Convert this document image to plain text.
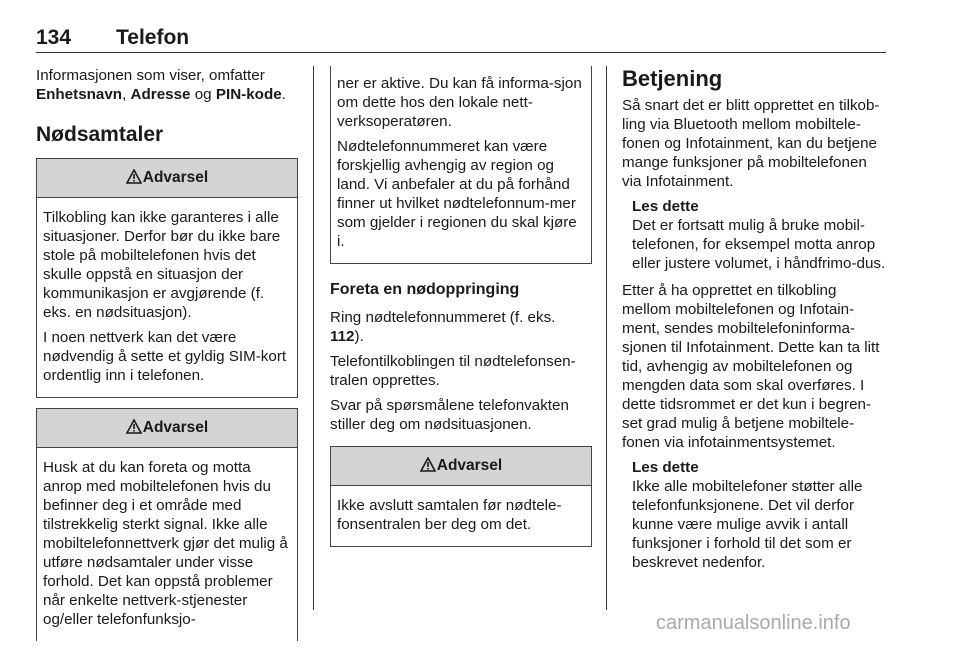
134 Telefon

Informasjonen som viser, omfatter
Enhetsnavn, Adresse og PIN-kode.

Nødsamtaler
Advarsel

Tilkobling kan ikke garanteres i alle situasjoner. Derfor bør du ikke bare stole på mobiltelefonen hvis det skulle oppstå en situasjon der kommunikasjon er avgjørende (f. eks. en nødsituasjon).

I noen nettverk kan det være nødvendig å sette et gyldig SIM-kort ordentlig inn i telefonen.

Advarsel

Husk at du kan foreta og motta anrop med mobiltelefonen hvis du befinner deg i et område med tilstrekkelig sterkt signal. Ikke alle mobiltelefonnettverk gjør det mulig å utføre nødsamtaler under visse forhold. Det kan oppstå problemer når enkelte nettverk-stjenester og/eller telefonfunksjo-

ner er aktive. Du kan få informa-sjon om dette hos den lokale nett-verksoperatøren.

Nødtelefonnummeret kan være forskjellig avhengig av region og land. Vi anbefaler at du på forhånd finner ut hvilket nødtelefonnum-mer som gjelder i regionen du skal kjøre i.

Foreta en nødoppringing

Ring nødtelefonnummeret (f. eks. 112).

Telefontilkoblingen til nødtelefonsen-tralen opprettes.

Svar på spørsmålene telefonvakten stiller deg om nødsituasjonen.

Advarsel

Ikke avslutt samtalen før nødtele-fonsentralen ber deg om det.

Betjening

Så snart det er blitt opprettet en tilkob-ling via Bluetooth mellom mobiltele-fonen og Infotainment, kan du betjene mange funksjoner på mobiltelefonen via Infotainment.

Les dette
Det er fortsatt mulig å bruke mobil-telefonen, for eksempel motta anrop eller justere volumet, i håndfrimo-dus.

Etter å ha opprettet en tilkobling mellom mobiltelefonen og Infotain-ment, sendes mobiltelefoninforma-sjonen til Infotainment. Dette kan ta litt tid, avhengig av mobiltelefonen og mengden data som skal overføres. I dette tidsrommet er det kun i begren-set grad mulig å betjene mobiltele-fonen via infotainmentsystemet.

Les dette
Ikke alle mobiltelefoner støtter alle telefonfunksjonene. Det vil derfor kunne være mulige avvik i antall funksjoner i forhold til det som er beskrevet nedenfor.
carmanualsonline.info
